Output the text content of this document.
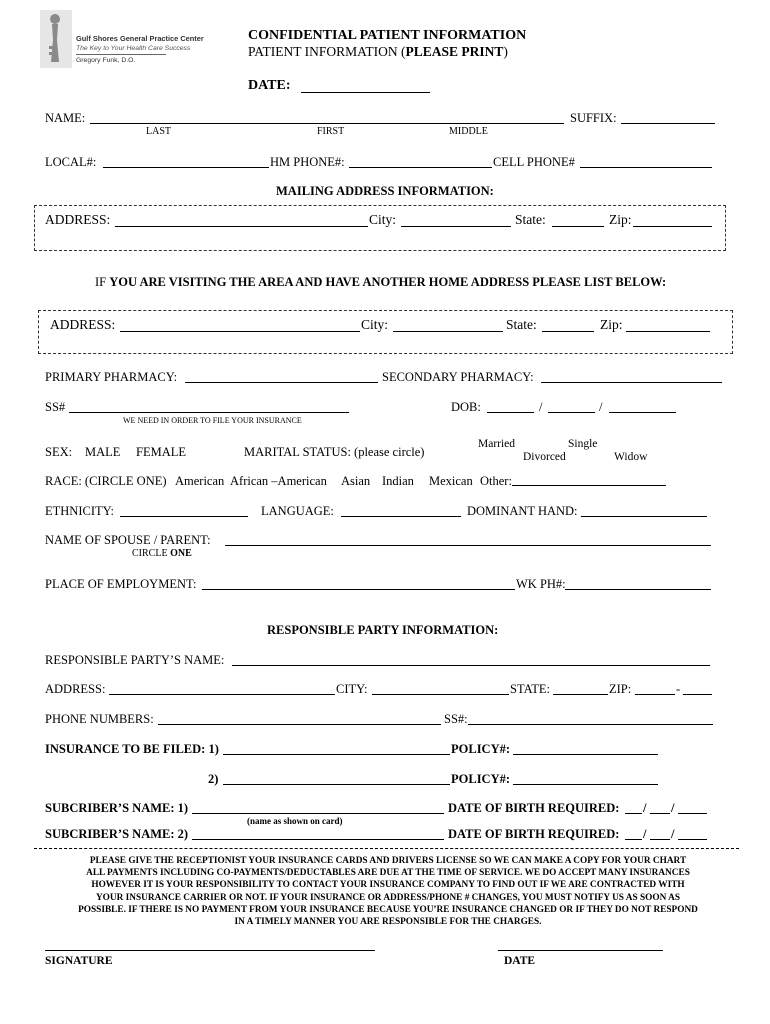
Gulf Shores General Practice Center
The Key to Your Health Care Success
Gregory Funk, D.O.
CONFIDENTIAL PATIENT INFORMATION
PATIENT INFORMATION (PLEASE PRINT)
DATE:
NAME:	SUFFIX:
LAST	FIRST	MIDDLE
LOCAL#:	HM PHONE#:	CELL PHONE#
MAILING ADDRESS INFORMATION:
ADDRESS:	City:	State:	Zip:
IF YOU ARE VISITING THE AREA AND HAVE ANOTHER HOME ADDRESS PLEASE LIST BELOW:
ADDRESS:	City:	State:	Zip:
PRIMARY PHARMACY:	SECONDARY PHARMACY:
SS#
WE NEED IN ORDER TO FILE YOUR INSURANCE
DOB:	/	/
SEX: MALE FEMALE	MARITAL STATUS: (please circle)
Married	Single
Divorced	Widow
RACE: (CIRCLE ONE) American African –American Asian Indian Mexican Other:
ETHNICITY:	LANGUAGE:	DOMINANT HAND:
NAME OF SPOUSE / PARENT:
CIRCLE ONE
PLACE OF EMPLOYMENT:	WK PH#:
RESPONSIBLE PARTY INFORMATION:
RESPONSIBLE PARTY’S NAME:
ADDRESS:	CITY:	STATE:	ZIP:	-
PHONE NUMBERS:	SS#:
INSURANCE TO BE FILED: 1)	POLICY#:
2)	POLICY#:
SUBCRIBER’S NAME: 1)	DATE OF BIRTH REQUIRED: / /
(name as shown on card)
SUBCRIBER’S NAME: 2)	DATE OF BIRTH REQUIRED: / /
PLEASE GIVE THE RECEPTIONIST YOUR INSURANCE CARDS AND DRIVERS LICENSE SO WE CAN MAKE A COPY FOR YOUR CHART
ALL PAYMENTS INCLUDING CO-PAYMENTS/DEDUCTABLES ARE DUE AT THE TIME OF SERVICE. WE DO ACCEPT MANY INSURANCES
HOWEVER IT IS YOUR RESPONSIBILITY TO CONTACT YOUR INSURANCE COMPANY TO FIND OUT IF WE ARE CONTRACTED WITH
YOUR INSURANCE CARRIER OR NOT. IF YOUR INSURANCE OR ADDRESS/PHONE # CHANGES, YOU MUST NOTIFY US AS SOON AS
POSSIBLE. IF THERE IS NO PAYMENT FROM YOUR INSURANCE BECAUSE YOU’RE INSURANCE CHANGED OR IF THEY DO NOT RESPOND
IN A TIMELY MANNER YOU ARE RESPONSIBLE FOR THE CHARGES.
SIGNATURE	DATE
